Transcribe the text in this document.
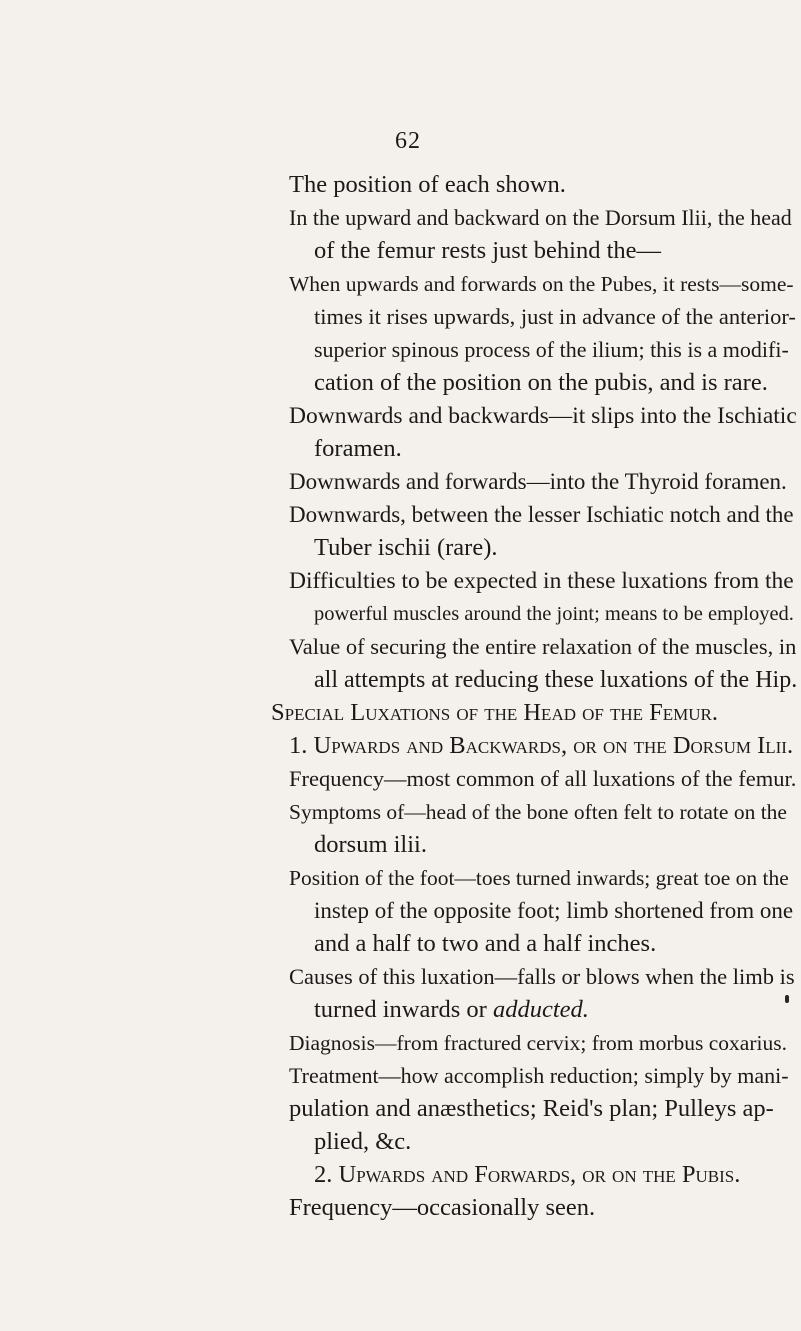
62
The position of each shown.
In the upward and backward on the Dorsum Ilii, the head
of the femur rests just behind the—
When upwards and forwards on the Pubes, it rests—some-
times it rises upwards, just in advance of the anterior-
superior spinous process of the ilium; this is a modifi-
cation of the position on the pubis, and is rare.
Downwards and backwards—it slips into the Ischiatic
foramen.
Downwards and forwards—into the Thyroid foramen.
Downwards, between the lesser Ischiatic notch and the
Tuber ischii (rare).
Difficulties to be expected in these luxations from the
powerful muscles around the joint; means to be employed.
Value of securing the entire relaxation of the muscles, in
all attempts at reducing these luxations of the Hip.
Special Luxations of the Head of the Femur.
1. Upwards and Backwards, or on the Dorsum Ilii.
Frequency—most common of all luxations of the femur.
Symptoms of—head of the bone often felt to rotate on the
dorsum ilii.
Position of the foot—toes turned inwards; great toe on the
instep of the opposite foot; limb shortened from one
and a half to two and a half inches.
Causes of this luxation—falls or blows when the limb is
turned inwards or adducted.
Diagnosis—from fractured cervix; from morbus coxarius.
Treatment—how accomplish reduction; simply by mani-
pulation and anæsthetics; Reid's plan; Pulleys ap-
plied, &c.
2. Upwards and Forwards, or on the Pubis.
Frequency—occasionally seen.
